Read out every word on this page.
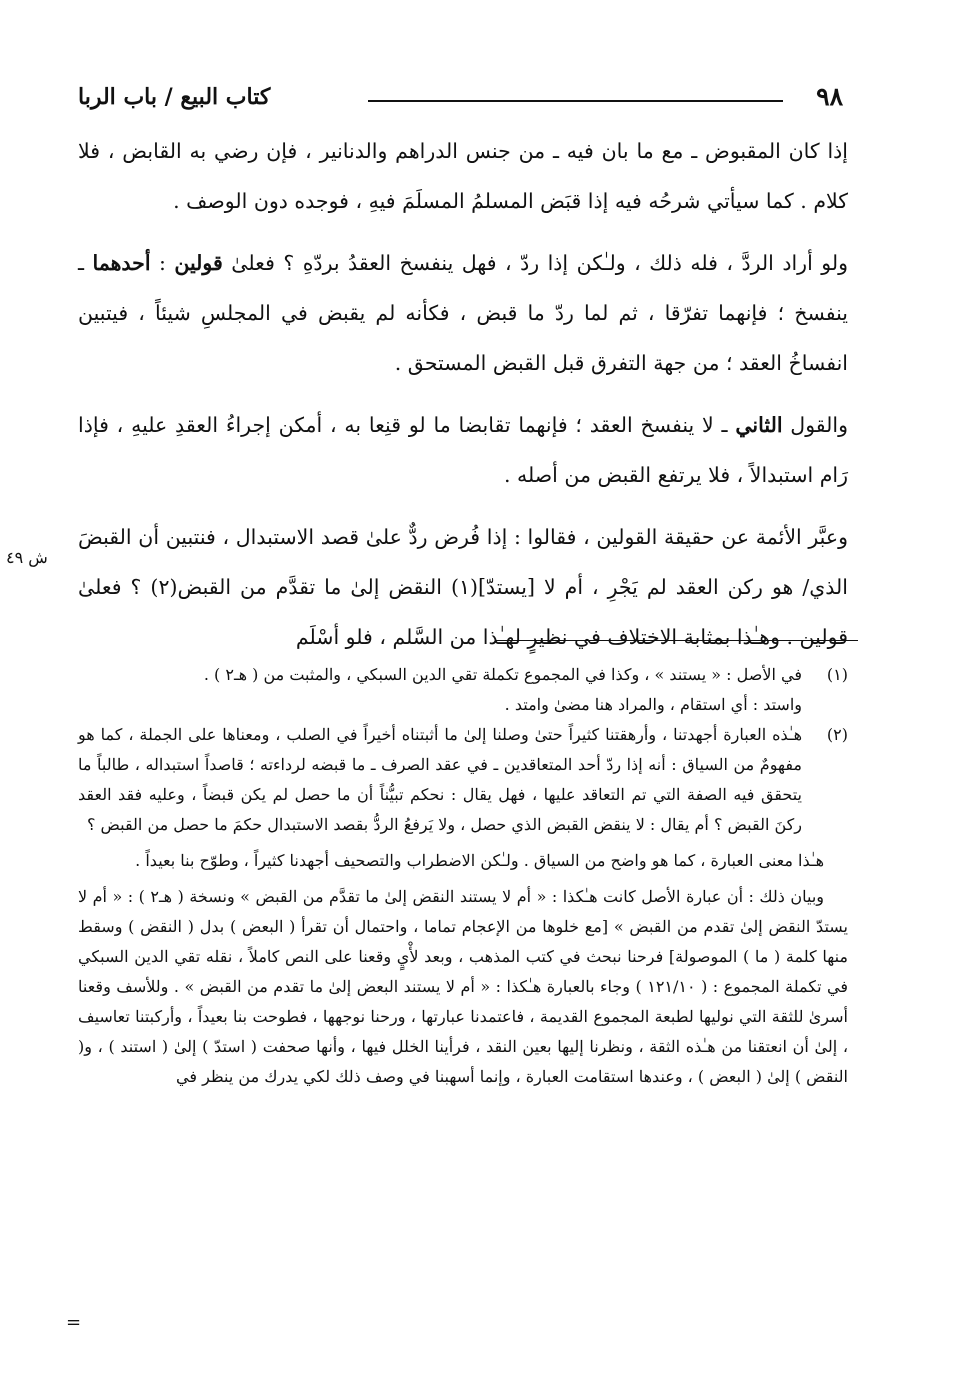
٩٨
كتاب البيع / باب الربا

إذا كان المقبوض ـ مع ما بان فيه ـ من جنس الدراهم والدنانير ، فإن رضي به القابض ، فلا كلام . كما سيأتي شرحُه فيه إذا قبَض المسلمُ المسلَمَ فيهِ ، فوجده دون الوصف .

ولو أراد الردَّ ، فله ذلك ، ولـٰكن إذا ردّ ، فهل ينفسخ العقدُ بردّهِ ؟ فعلىٰ قولين : أحدهما ـ ينفسخ ؛ فإنهما تفرّقا ، ثم لما ردّ ما قبض ، فكأنه لم يقبض في المجلسِ شيئاً ، فيتبين انفساخُ العقد ؛ من جهة التفرق قبل القبض المستحق .

والقول الثاني ـ لا ينفسخ العقد ؛ فإنهما تقابضا ما لو قنِعا به ، أمكن إجراءُ العقدِ عليهِ ، فإذا رَام استبدالاً ، فلا يرتفع القبض من أصله .

وعبَّر الأئمة عن حقيقة القولين ، فقالوا : إذا فُرض ردٌّ علىٰ قصد الاستبدال ، فنتبين أن القبضَ الذي/ هو ركن العقد لم يَجْرِ ، أم لا [يستدّ](١) النقض إلىٰ ما تقدَّم من القبض(٢) ؟ فعلىٰ قولين . وهـٰذا بمثابة الاختلاف في نظيرٍ لهـٰذا من السَّلم ، فلو أسْلَم

ش ٤٩
(١)

في الأصل : « يستند » ، وكذا في المجموع تكملة تقي الدين السبكي ، والمثبت من ( هـ٢ ) .

واستد : أي استقام ، والمراد هنا مضىٰ وامتد .

(٢)

هـٰذه العبارة أجهدتنا ، وأرهقتنا كثيراً حتىٰ وصلنا إلىٰ ما أثبتناه أخيراً في الصلب ، ومعناها على الجملة ، كما هو مفهومٌ من السياق : أنه إذا ردّ أحد المتعاقدين ـ في عقد الصرف ـ ما قبضه لرداءته ؛ قاصداً استبداله ، طالباً ما يتحقق فيه الصفة التي تم التعاقد عليها ، فهل يقال : نحكم تبيُّناً أن ما حصل لم يكن قبضاً ، وعليه فقد العقد ركنَ القبض ؟ أم يقال : لا ينقض القبض الذي حصل ، ولا يَرفعُ الردُّ بقصد الاستبدال حكمَ ما حصل من القبض ؟

هـٰذا معنى العبارة ، كما هو واضح من السياق . ولـٰكن الاضطراب والتصحيف أجهدنا كثيراً ، وطوّح بنا بعيداً .

وبيان ذلك : أن عبارة الأصل كانت هـٰكذا : « أم لا يستند النقض إلىٰ ما تقدَّم من القبض » ونسخة ( هـ٢ ) : « أم لا يستدّ النقض إلىٰ تقدم من القبض » [مع خلوها من الإعجام تماما ، واحتمال أن تقرأ ( البعض ) بدل ( النقض ) وسقط منها كلمة ( ما ) الموصولة] فرحنا نبحث في كتب المذهب ، وبعد لأْيٍ وقعنا على النص كاملاً ، نقله تقي الدين السبكي في تكملة المجموع : ( ١٢١/١٠ ) وجاء بالعبارة هـٰكذا : « أم لا يستند البعض إلىٰ ما تقدم من القبض » . وللأسف وقعنا أسرىٰ للثقة التي نوليها لطبعة المجموع القديمة ، فاعتمدنا عبارتها ، ورحنا نوجهها ، فطوحت بنا بعيداً ، وأركبتنا تعاسيف ، إلىٰ أن انعتقنا من هـٰذه الثقة ، ونظرنا إليها بعين النقد ، فرأينا الخلل فيها ، وأنها صحفت ( استدّ ) إلىٰ ( استند ) ، و( النقض ) إلىٰ ( البعض ) ، وعندها استقامت العبارة ، وإنما أسهبنا في وصف ذلك لكي يدرك من ينظر في

=
